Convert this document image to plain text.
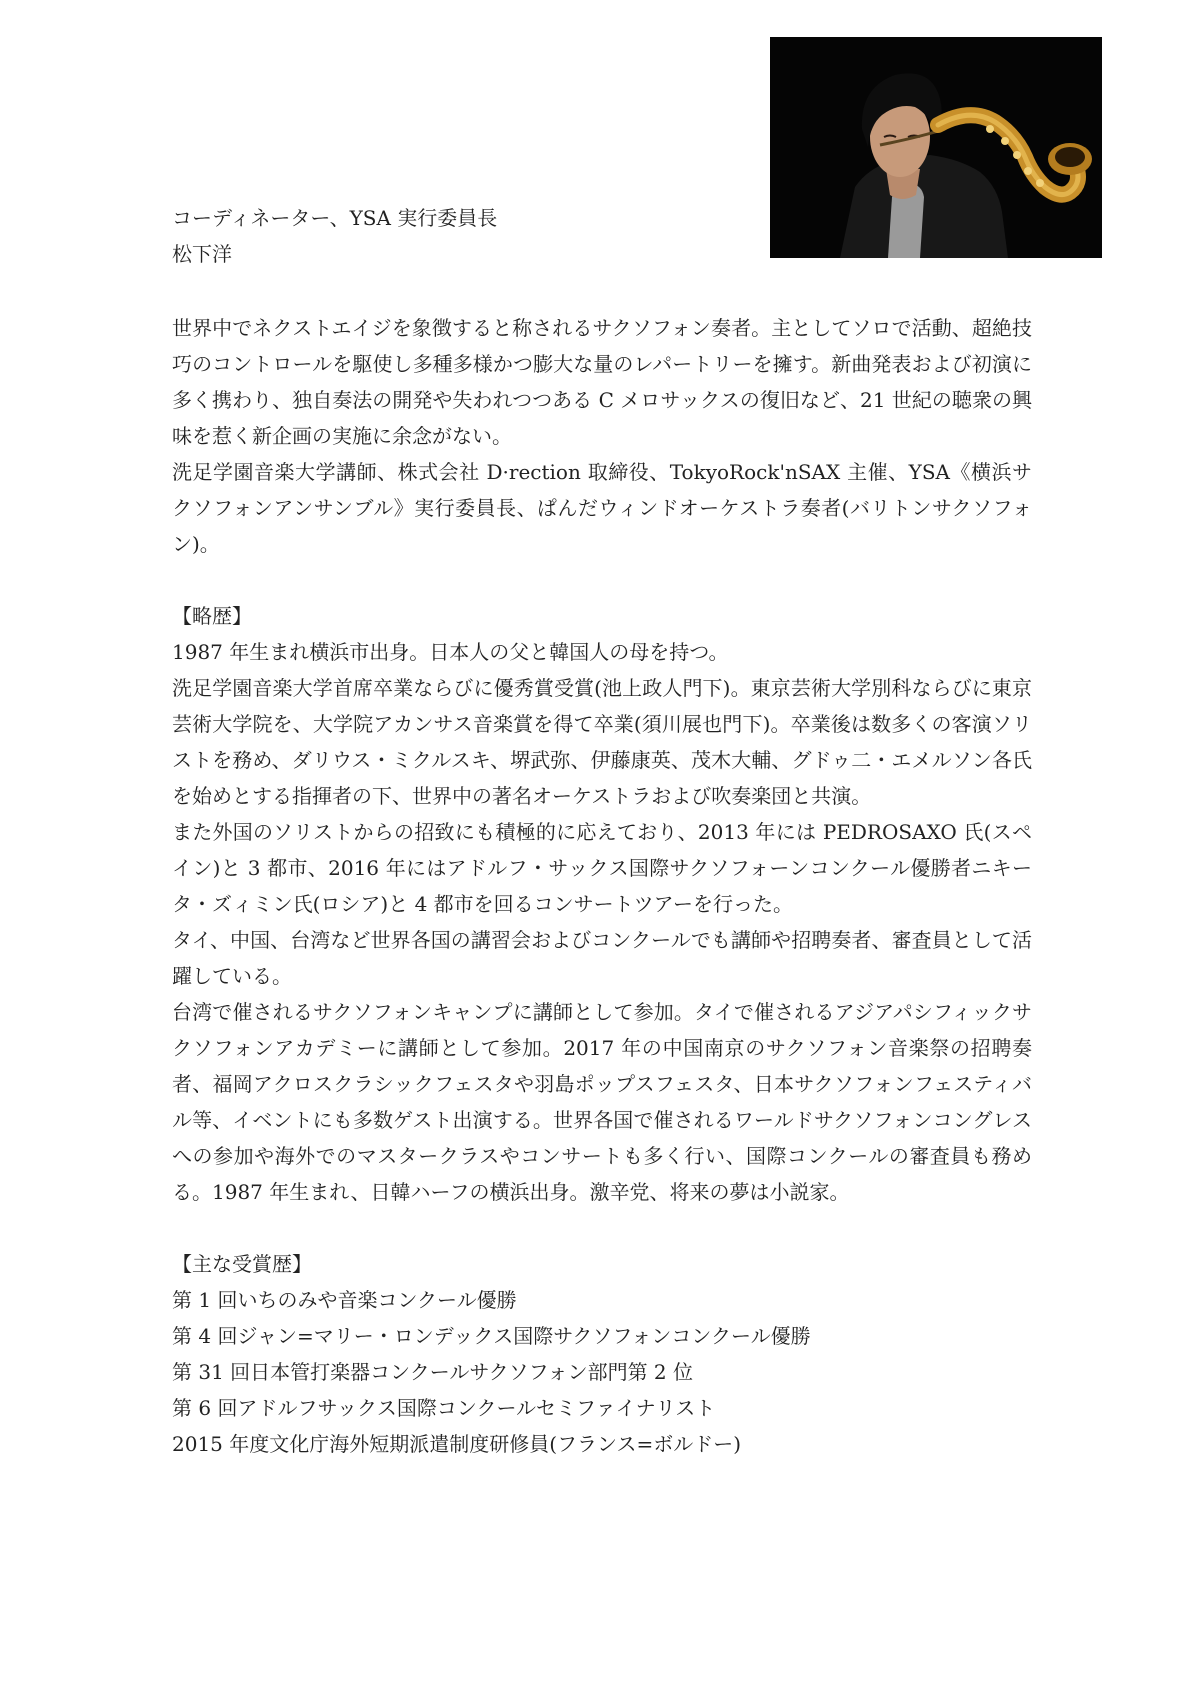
コーディネーター、YSA 実行委員長
松下洋
世界中でネクストエイジを象徴すると称されるサクソフォン奏者。主としてソロで活動、超絶技巧のコントロールを駆使し多種多様かつ膨大な量のレパートリーを擁す。新曲発表および初演に多く携わり、独自奏法の開発や失われつつある C メロサックスの復旧など、21 世紀の聴衆の興味を惹く新企画の実施に余念がない。
洗足学園音楽大学講師、株式会社 D·rection 取締役、TokyoRock'nSAX 主催、YSA《横浜サクソフォンアンサンブル》実行委員長、ぱんだウィンドオーケストラ奏者(バリトンサクソフォン)。
【略歴】
1987 年生まれ横浜市出身。日本人の父と韓国人の母を持つ。
洗足学園音楽大学首席卒業ならびに優秀賞受賞(池上政人門下)。東京芸術大学別科ならびに東京芸術大学院を、大学院アカンサス音楽賞を得て卒業(須川展也門下)。卒業後は数多くの客演ソリストを務め、ダリウス・ミクルスキ、堺武弥、伊藤康英、茂木大輔、グドゥ二・エメルソン各氏を始めとする指揮者の下、世界中の著名オーケストラおよび吹奏楽団と共演。
また外国のソリストからの招致にも積極的に応えており、2013 年には PEDROSAXO 氏(スペイン)と 3 都市、2016 年にはアドルフ・サックス国際サクソフォーンコンクール優勝者ニキータ・ズィミン氏(ロシア)と 4 都市を回るコンサートツアーを行った。
タイ、中国、台湾など世界各国の講習会およびコンクールでも講師や招聘奏者、審査員として活躍している。
台湾で催されるサクソフォンキャンプに講師として参加。タイで催されるアジアパシフィックサクソフォンアカデミーに講師として参加。2017 年の中国南京のサクソフォン音楽祭の招聘奏者、福岡アクロスクラシックフェスタや羽島ポップスフェスタ、日本サクソフォンフェスティバル等、イベントにも多数ゲスト出演する。世界各国で催されるワールドサクソフォンコングレスへの参加や海外でのマスタークラスやコンサートも多く行い、国際コンクールの審査員も務める。1987 年生まれ、日韓ハーフの横浜出身。激辛党、将来の夢は小説家。
【主な受賞歴】
第 1 回いちのみや音楽コンクール優勝
第 4 回ジャン=マリー・ロンデックス国際サクソフォンコンクール優勝
第 31 回日本管打楽器コンクールサクソフォン部門第 2 位
第 6 回アドルフサックス国際コンクールセミファイナリスト
2015 年度文化庁海外短期派遣制度研修員(フランス=ボルドー)
